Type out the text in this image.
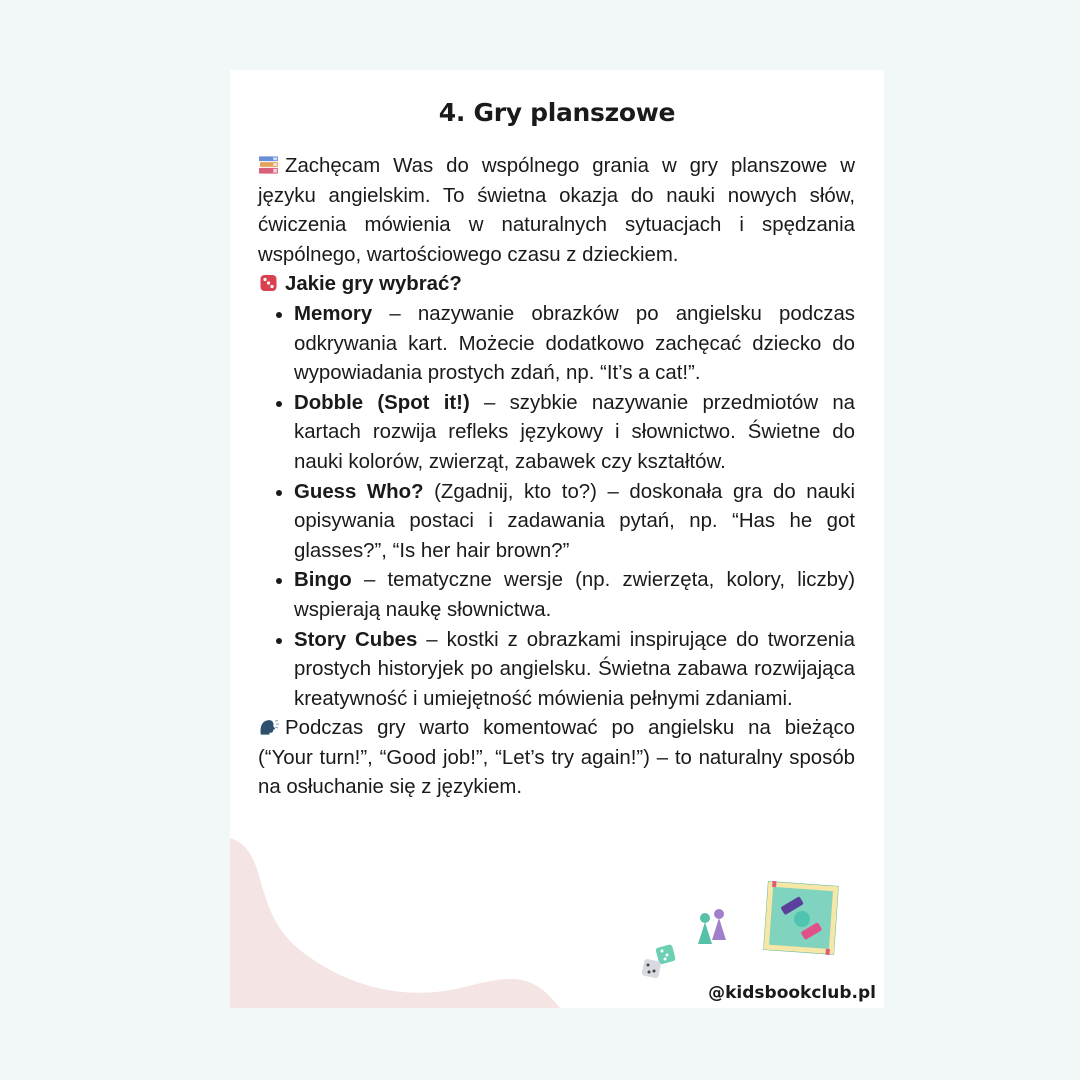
4. Gry planszowe

Zachęcam Was do wspólnego grania w gry planszowe w języku angielskim. To świetna okazja do nauki nowych słów, ćwiczenia mówienia w naturalnych sytuacjach i spędzania wspólnego, wartościowego czasu z dzieckiem.

Jakie gry wybrać?

Memory – nazywanie obrazków po angielsku podczas odkrywania kart. Możecie dodatkowo zachęcać dziecko do wypowiadania prostych zdań, np. “It’s a cat!”.
Dobble (Spot it!) – szybkie nazywanie przedmiotów na kartach rozwija refleks językowy i słownictwo. Świetne do nauki kolorów, zwierząt, zabawek czy kształtów.
Guess Who? (Zgadnij, kto to?) – doskonała gra do nauki opisywania postaci i zadawania pytań, np. “Has he got glasses?”, “Is her hair brown?”
Bingo – tematyczne wersje (np. zwierzęta, kolory, liczby) wspierają naukę słownictwa.
Story Cubes – kostki z obrazkami inspirujące do tworzenia prostych historyjek po angielsku. Świetna zabawa rozwijająca kreatywność i umiejętność mówienia pełnymi zdaniami.

Podczas gry warto komentować po angielsku na bieżąco (“Your turn!”, “Good job!”, “Let’s try again!”) – to naturalny sposób na osłuchanie się z językiem.

@kidsbookclub.pl
